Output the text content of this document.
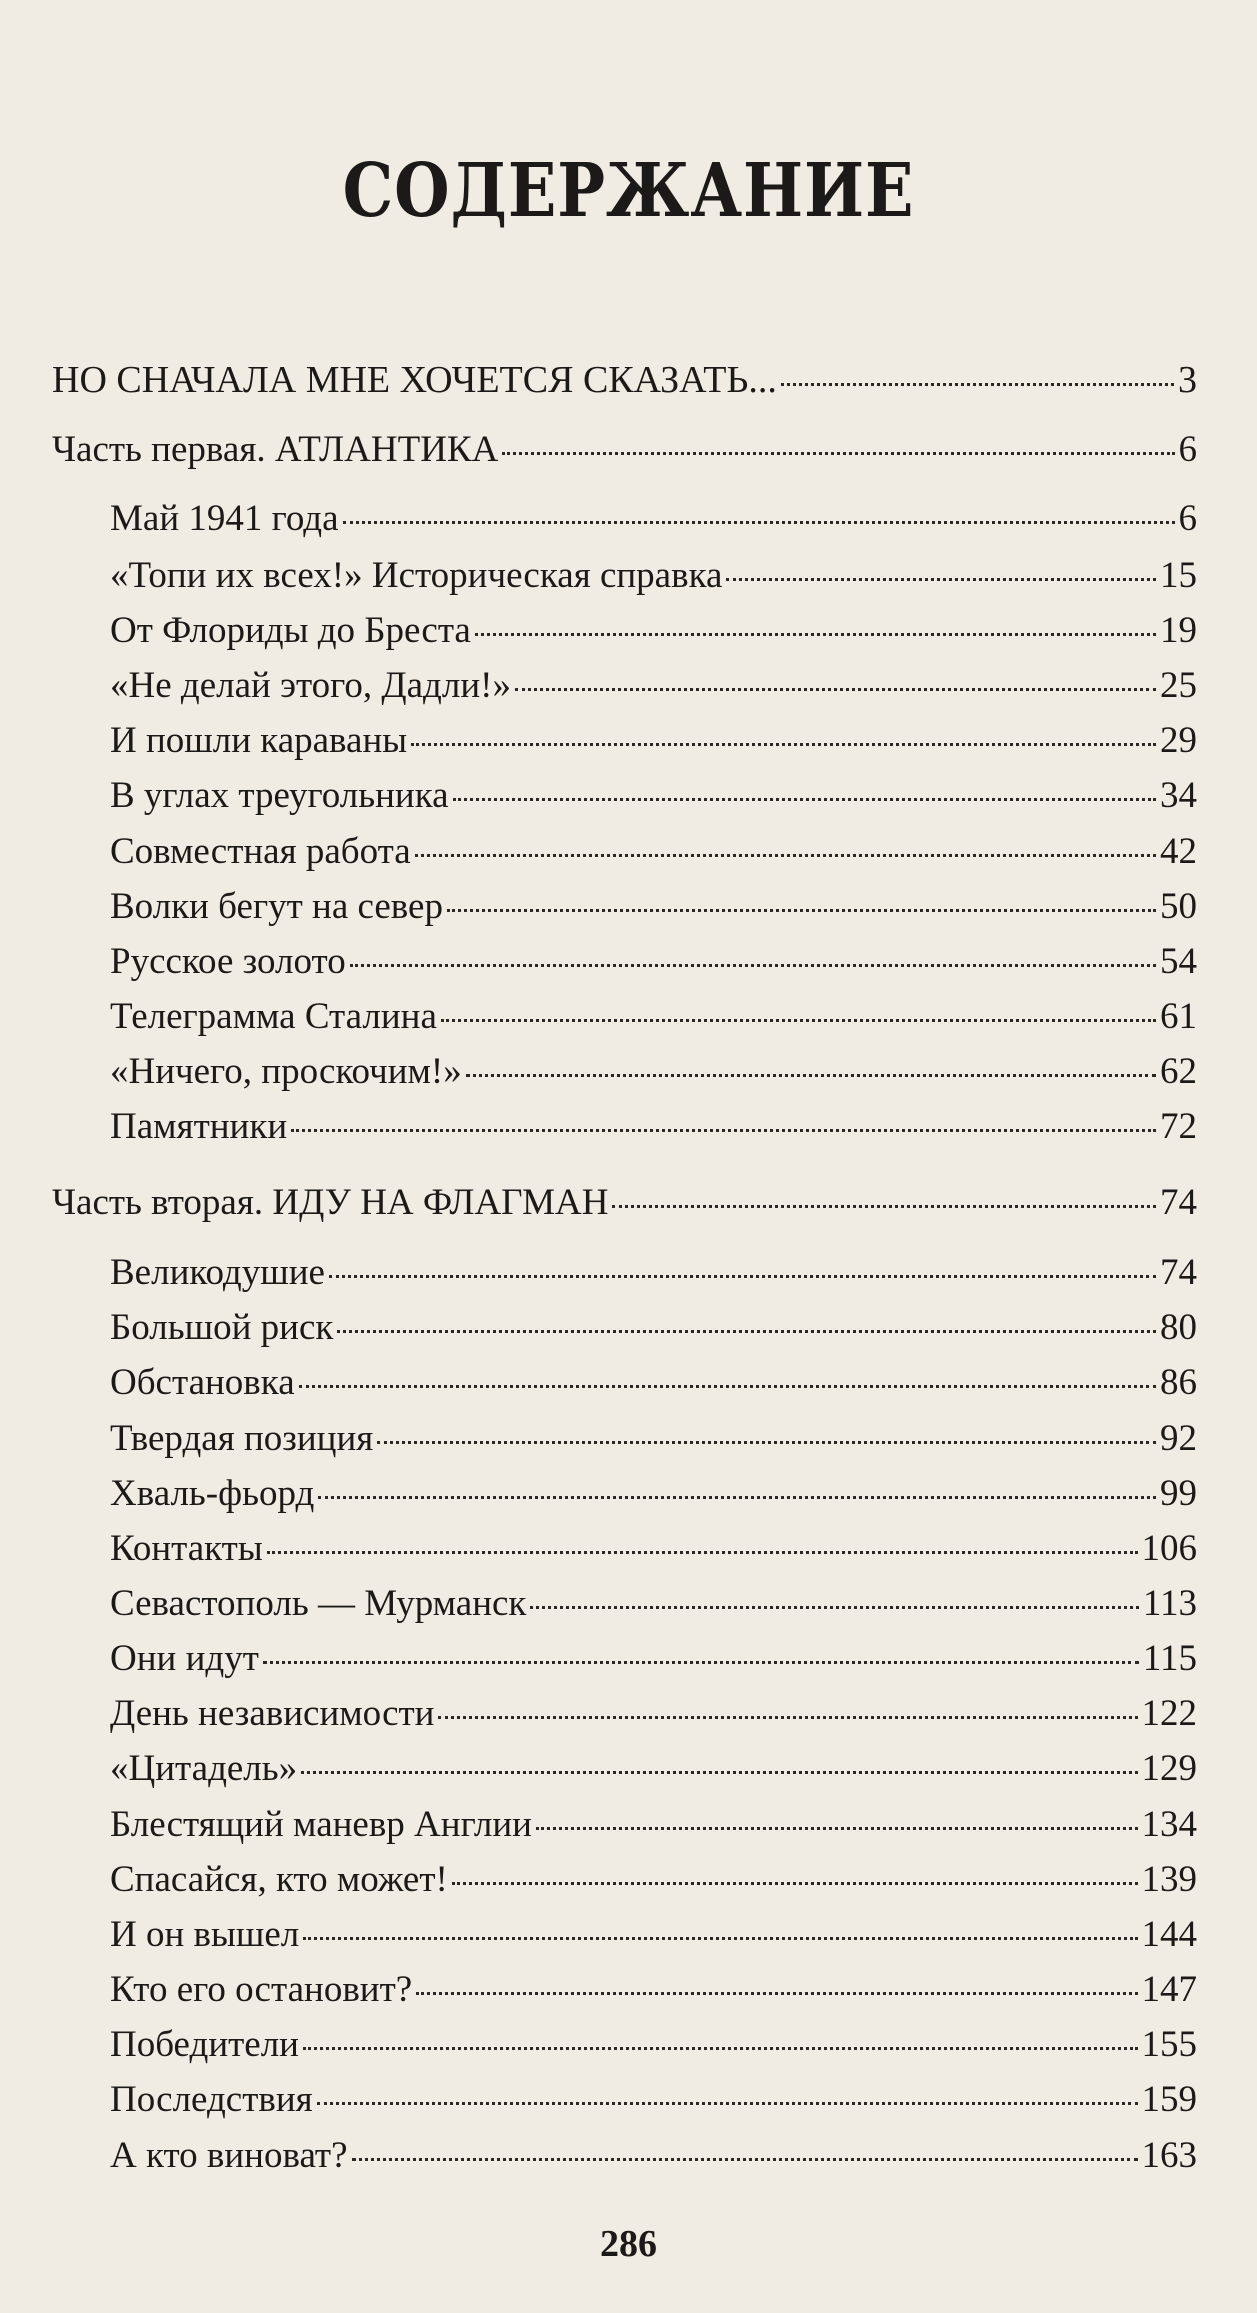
СОДЕРЖАНИЕ
НО СНАЧАЛА МНЕ ХОЧЕТСЯ СКАЗАТЬ...	3
Часть первая. АТЛАНТИКА	6
Май 1941 года	6
«Топи их всех!» Историческая справка	15
От Флориды до Бреста	19
«Не делай этого, Дадли!»	25
И пошли караваны	29
В углах треугольника	34
Совместная работа	42
Волки бегут на север	50
Русское золото	54
Телеграмма Сталина	61
«Ничего, проскочим!»	62
Памятники	72
Часть вторая. ИДУ НА ФЛАГМАН	74
Великодушие	74
Большой риск	80
Обстановка	86
Твердая позиция	92
Хваль-фьорд	99
Контакты	106
Севастополь — Мурманск	113
Они идут	115
День независимости	122
«Цитадель»	129
Блестящий маневр Англии	134
Спасайся, кто может!	139
И он вышел	144
Кто его остановит?	147
Победители	155
Последствия	159
А кто виноват?	163
286
